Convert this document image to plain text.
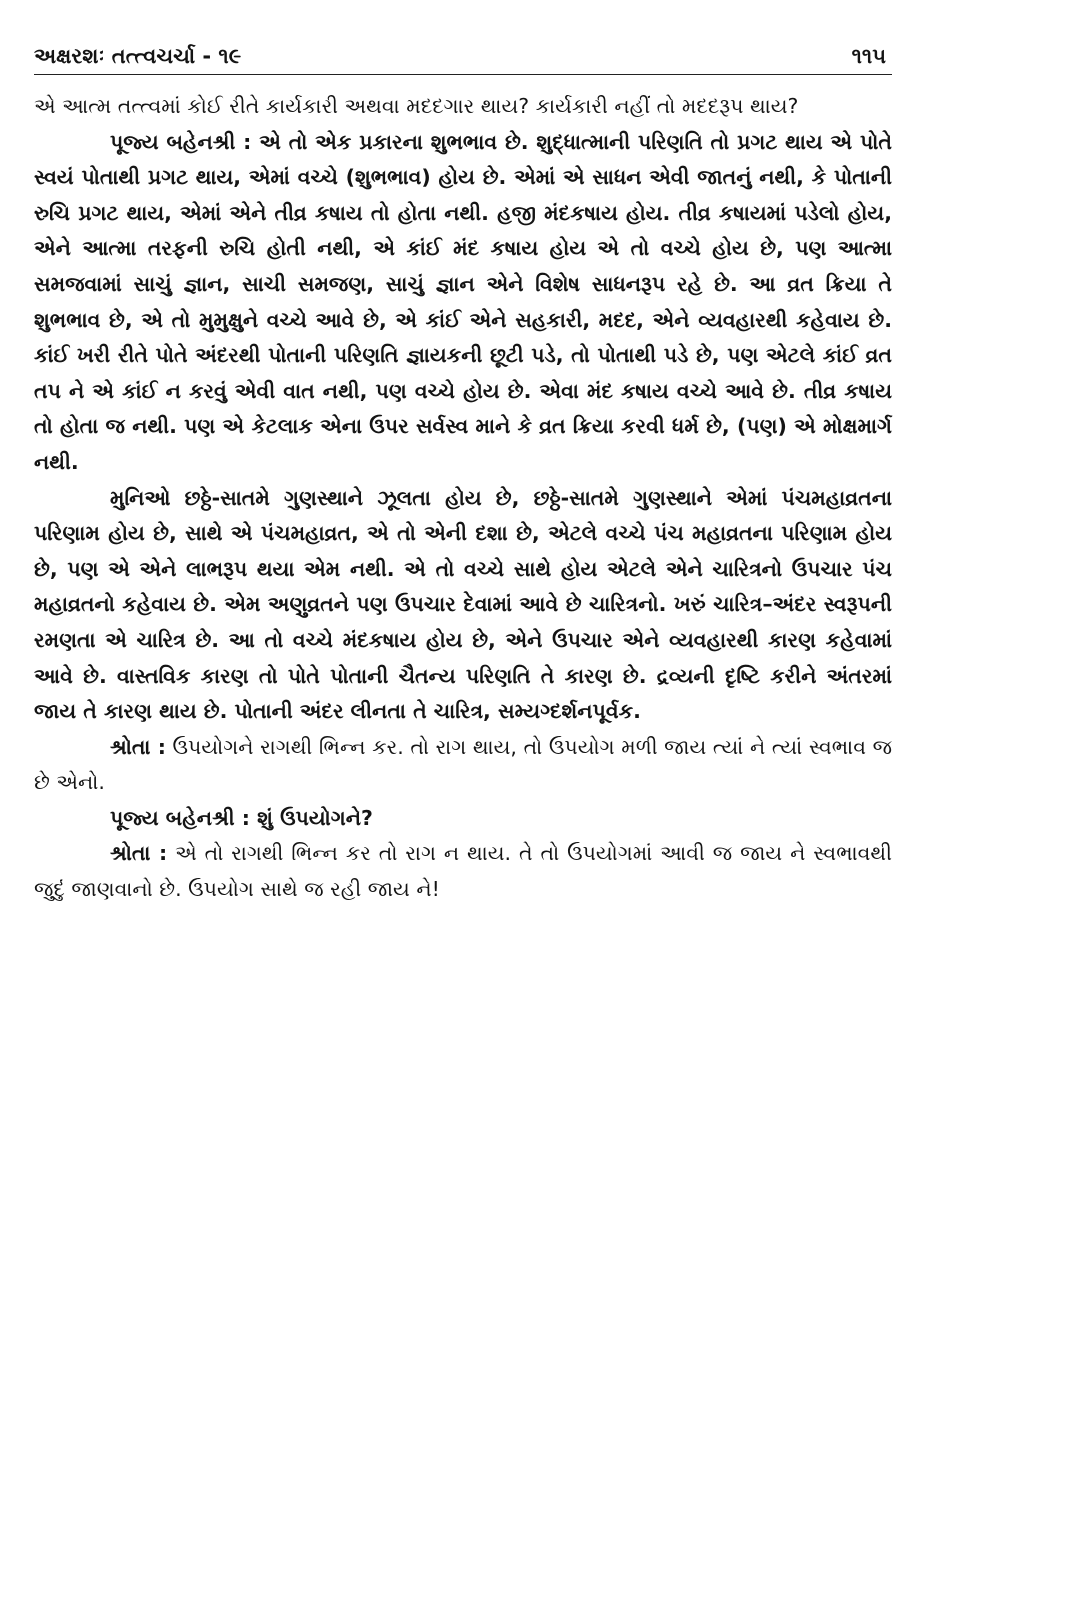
અક્ષરશઃ તત્ત્વચર્ચા - ૧૯	૧૧૫

એ આત્મ તત્ત્વમાં કોઈ રીતે કાર્યકારી અથવા મદદગાર થાય? કાર્યકારી નહીં તો મદદરૂપ થાય?

પૂજ્ય બહેનશ્રી : એ તો એક પ્રકારના શુભભાવ છે. શુદ્ધાત્માની પરિણતિ તો પ્રગટ થાય એ પોતે સ્વયં પોતાથી પ્રગટ થાય, એમાં વચ્ચે (શુભભાવ) હોય છે. એમાં એ સાધન એવી જાતનું નથી, કે પોતાની રુચિ પ્રગટ થાય, એમાં એને તીવ્ર કષાય તો હોતા નથી. હજી મંદકષાય હોય. તીવ્ર કષાયમાં પડેલો હોય, એને આત્મા તરફની રુચિ હોતી નથી, એ કાંઈ મંદ કષાય હોય એ તો વચ્ચે હોય છે, પણ આત્મા સમજવામાં સાચું જ્ઞાન, સાચી સમજણ, સાચું જ્ઞાન એને વિશેષ સાધનરૂપ રહે છે. આ વ્રત ક્રિયા તે શુભભાવ છે, એ તો મુમુક્ષુને વચ્ચે આવે છે, એ કાંઈ એને સહકારી, મદદ, એને વ્યવહારથી કહેવાય છે. કાંઈ ખરી રીતે પોતે અંદરથી પોતાની પરિણતિ જ્ઞાયકની છૂટી પડે, તો પોતાથી પડે છે, પણ એટલે કાંઈ વ્રત તપ ને એ કાંઈ ન કરવું એવી વાત નથી, પણ વચ્ચે હોય છે. એવા મંદ કષાય વચ્ચે આવે છે. તીવ્ર કષાય તો હોતા જ નથી. પણ એ કેટલાક એના ઉપર સર્વસ્વ માને કે વ્રત ક્રિયા કરવી ધર્મ છે, (પણ) એ મોક્ષમાર્ગ નથી.

મુનિઓ છઠ્ઠે-સાતમે ગુણસ્થાને ઝૂલતા હોય છે, છઠ્ઠે-સાતમે ગુણસ્થાને એમાં પંચમહાવ્રતના પરિણામ હોય છે, સાથે એ પંચમહાવ્રત, એ તો એની દશા છે, એટલે વચ્ચે પંચ મહાવ્રતના પરિણામ હોય છે, પણ એ એને લાભરૂપ થયા એમ નથી. એ તો વચ્ચે સાથે હોય એટલે એને ચારિત્રનો ઉપચાર પંચ મહાવ્રતનો કહેવાય છે. એમ અણુવ્રતને પણ ઉપચાર દેવામાં આવે છે ચારિત્રનો. ખરું ચારિત્ર–અંદર સ્વરૂપની રમણતા એ ચારિત્ર છે. આ તો વચ્ચે મંદકષાય હોય છે, એને ઉપચાર એને વ્યવહારથી કારણ કહેવામાં આવે છે. વાસ્તવિક કારણ તો પોતે પોતાની ચૈતન્ય પરિણતિ તે કારણ છે. દ્રવ્યની દૃષ્ટિ કરીને અંતરમાં જાય તે કારણ થાય છે. પોતાની અંદર લીનતા તે ચારિત્ર, સમ્યગ્દર્શનપૂર્વક.

શ્રોતા : ઉપયોગને રાગથી ભિન્ન કર. તો રાગ થાય, તો ઉપયોગ મળી જાય ત્યાં ને ત્યાં સ્વભાવ જ છે એનો.

પૂજ્ય બહેનશ્રી : શું ઉપયોગને?

શ્રોતા : એ તો રાગથી ભિન્ન કર તો રાગ ન થાય. તે તો ઉપયોગમાં આવી જ જાય ને સ્વભાવથી જુદું જાણવાનો છે. ઉપયોગ સાથે જ રહી જાય ને!
